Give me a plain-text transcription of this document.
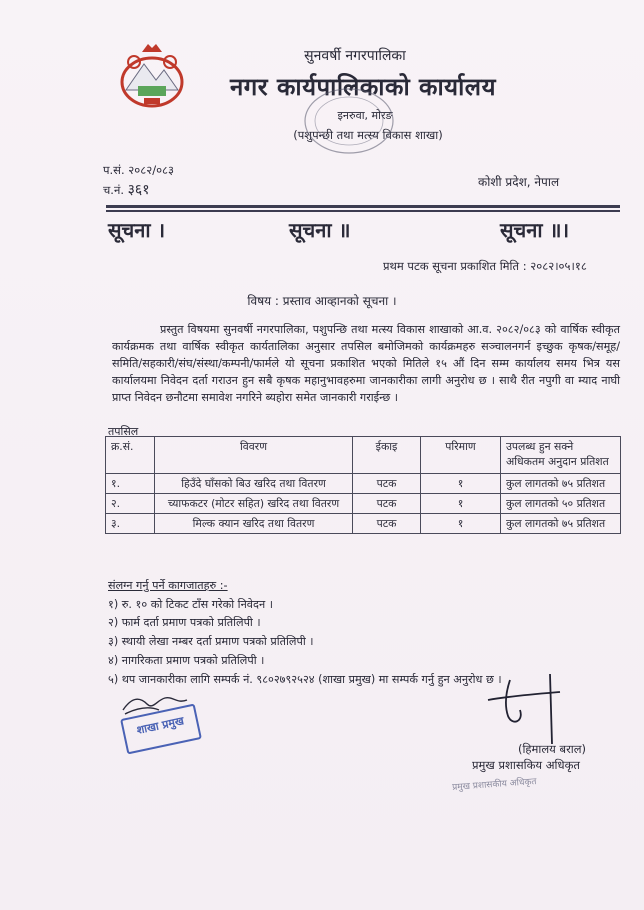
सुनवर्षी नगरपालिका
नगर कार्यपालिकाको कार्यालय
इनरुवा, मोरङ
(पशुपन्छी तथा मत्स्य विकास शाखा)
प.सं. २०८२/०८३
च.नं. ३६१	कोशी प्रदेश, नेपाल
सूचना ।	सूचना ॥	सूचना ॥।
प्रथम पटक सूचना प्रकाशित मिति : २०८२।०५।१८
विषय : प्रस्ताव आव्हानको सूचना ।
प्रस्तुत विषयमा सुनवर्षी नगरपालिका, पशुपन्छि तथा मत्स्य विकास शाखाको आ.व. २०८२/०८३ को वार्षिक स्वीकृत कार्यक्रमक तथा वार्षिक स्वीकृत कार्यतालिका अनुसार तपसिल बमोजिमको कार्यक्रमहरु सञ्चालनगर्न इच्छुक कृषक/समूह/समिति/सहकारी/संघ/संस्था/कम्पनी/फार्मले यो सूचना प्रकाशित भएको मितिले १५ औं दिन सम्म कार्यालय समय भित्र यस कार्यालयमा निवेदन दर्ता गराउन हुन सबै कृषक महानुभावहरुमा जानकारीका लागी अनुरोध छ । साथै रीत नपुगी वा म्याद नाघी प्राप्त निवेदन छनौटमा समावेश नगरिने ब्यहोरा समेत जानकारी गराईन्छ ।
तपसिल
क्र.सं.	विवरण	ईकाइ	परिमाण	उपलब्ध हुन सक्ने अधिकतम अनुदान प्रतिशत
१.	हिउँदे घाँसको बिउ खरिद तथा वितरण	पटक	१	कुल लागतको ७५ प्रतिशत
२.	च्याफकटर (मोटर सहित) खरिद तथा वितरण	पटक	१	कुल लागतको ५० प्रतिशत
३.	मिल्क क्यान खरिद तथा वितरण	पटक	१	कुल लागतको ७५ प्रतिशत
संलग्न गर्नु पर्ने कागजातहरु :-
१) रु. १० को टिकट टाँस गरेको निवेदन ।
२) फार्म दर्ता प्रमाण पत्रको प्रतिलिपी ।
३) स्थायी लेखा नम्बर दर्ता प्रमाण पत्रको प्रतिलिपी ।
४) नागरिकता प्रमाण पत्रको प्रतिलिपी ।
५) थप जानकारीका लागि सम्पर्क नं. ९८०२७९२५२४ (शाखा प्रमुख) मा सम्पर्क गर्नु हुन अनुरोध छ ।
शाखा प्रमुख
(हिमालय बराल)
प्रमुख प्रशासकिय अधिकृत
प्रमुख प्रशासकीय अधिकृत
